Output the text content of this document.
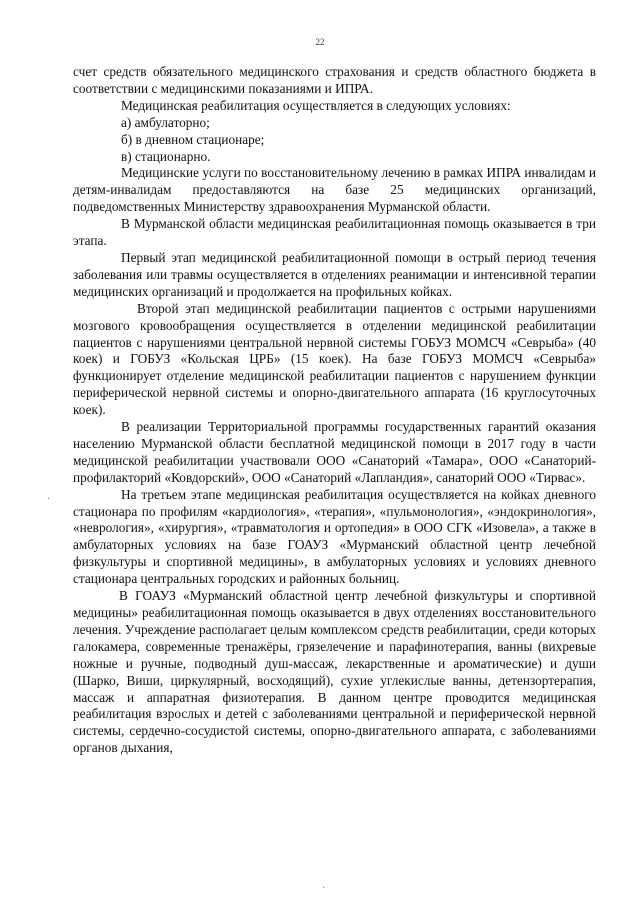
22

счет средств обязательного медицинского страхования и средств областного бюджета в соответствии с медицинскими показаниями и ИПРА.

Медицинская реабилитация осуществляется в следующих условиях:

а) амбулаторно;

б) в дневном стационаре;

в) стационарно.

Медицинские услуги по восстановительному лечению в рамках ИПРА инвалидам и детям-инвалидам предоставляются на базе 25 медицинских организаций, подведомственных Министерству здравоохранения Мурманской области.

В Мурманской области медицинская реабилитационная помощь оказывается в три этапа.

Первый этап медицинской реабилитационной помощи в острый период течения заболевания или травмы осуществляется в отделениях реанимации и интенсивной терапии медицинских организаций и продолжается на профильных койках.

Второй этап медицинской реабилитации пациентов с острыми нарушениями мозгового кровообращения осуществляется в отделении медицинской реабилитации пациентов с нарушениями центральной нервной системы ГОБУЗ МОМСЧ «Севрыба» (40 коек) и ГОБУЗ «Кольская ЦРБ» (15 коек). На базе ГОБУЗ МОМСЧ «Севрыба» функционирует отделение медицинской реабилитации пациентов с нарушением функции периферической нервной системы и опорно-двигательного аппарата (16 круглосуточных коек).

В реализации Территориальной программы государственных гарантий оказания населению Мурманской области бесплатной медицинской помощи в 2017 году в части медицинской реабилитации участвовали ООО «Санаторий «Тамара», ООО «Санаторий-профилакторий «Ковдорский», ООО «Санаторий «Лапландия», санаторий ООО «Тирвас».

На третьем этапе медицинская реабилитация осуществляется на койках дневного стационара по профилям «кардиология», «терапия», «пульмонология», «эндокринология», «неврология», «хирургия», «травматология и ортопедия» в ООО СГК «Изовела», а также в амбулаторных условиях на базе ГОАУЗ «Мурманский областной центр лечебной физкультуры и спортивной медицины», в амбулаторных условиях и условиях дневного стационара центральных городских и районных больниц.

В ГОАУЗ «Мурманский областной центр лечебной физкультуры и спортивной медицины» реабилитационная помощь оказывается в двух отделениях восстановительного лечения. Учреждение располагает целым комплексом средств реабилитации, среди которых галокамера, современные тренажёры, грязелечение и парафинотерапия, ванны (вихревые ножные и ручные, подводный душ-массаж, лекарственные и ароматические) и души (Шарко, Виши, циркулярный, восходящий), сухие углекислые ванны, детензортерапия, массаж и аппаратная физиотерапия. В данном центре проводится медицинская реабилитация взрослых и детей с заболеваниями центральной и периферической нервной системы, сердечно-сосудистой системы, опорно-двигательного аппарата, с заболеваниями органов дыхания,

·
·
